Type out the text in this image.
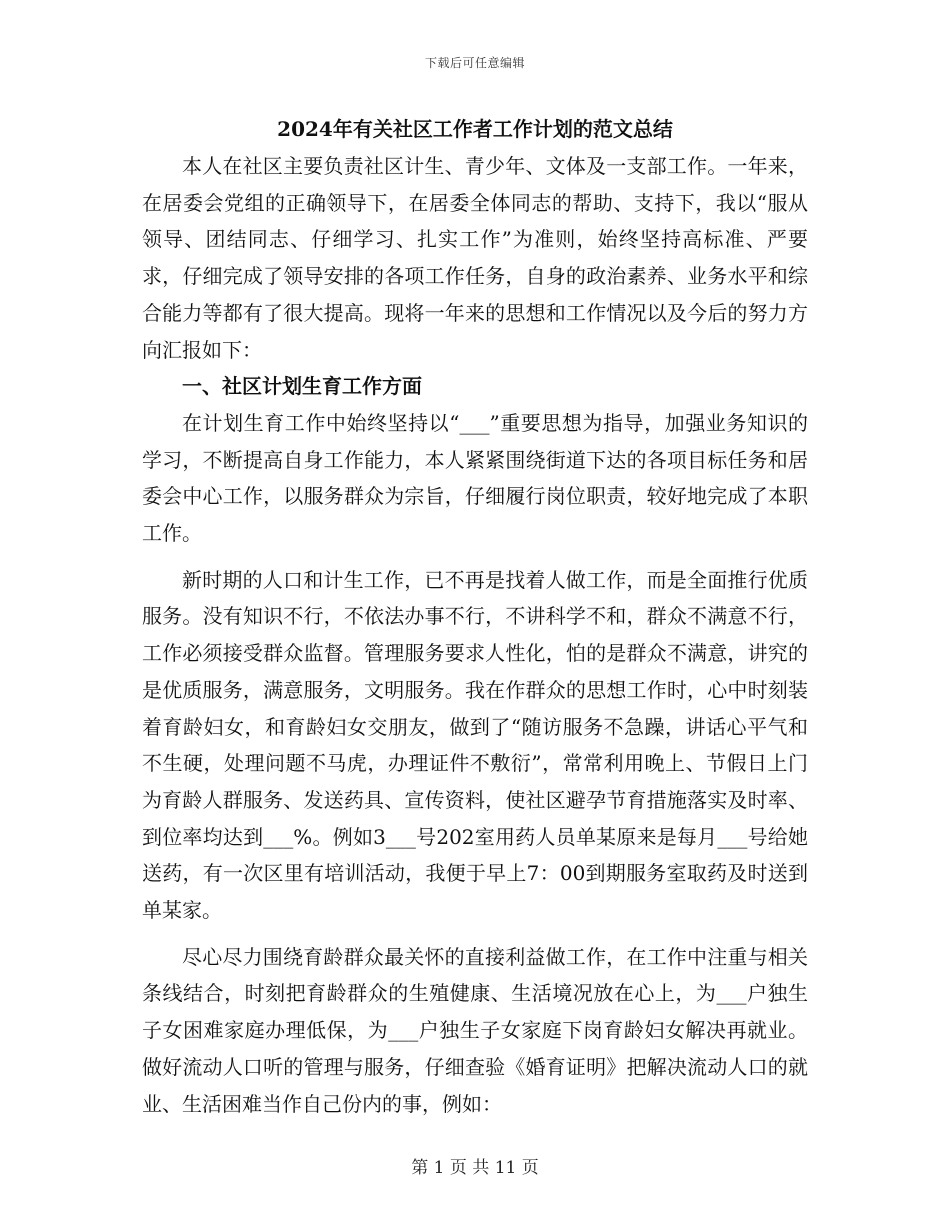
下载后可任意编辑
2024年有关社区工作者工作计划的范文总结

本人在社区主要负责社区计生、青少年、文体及一支部工作。一年来，在居委会党组的正确领导下，在居委全体同志的帮助、支持下，我以“服从领导、团结同志、仔细学习、扎实工作”为准则，始终坚持高标准、严要求，仔细完成了领导安排的各项工作任务，自身的政治素养、业务水平和综合能力等都有了很大提高。现将一年来的思想和工作情况以及今后的努力方向汇报如下：

一、社区计划生育工作方面

在计划生育工作中始终坚持以“___”重要思想为指导，加强业务知识的学习，不断提高自身工作能力，本人紧紧围绕街道下达的各项目标任务和居委会中心工作，以服务群众为宗旨，仔细履行岗位职责，较好地完成了本职工作。

新时期的人口和计生工作，已不再是找着人做工作，而是全面推行优质服务。没有知识不行，不依法办事不行，不讲科学不和，群众不满意不行，工作必须接受群众监督。管理服务要求人性化，怕的是群众不满意，讲究的是优质服务，满意服务，文明服务。我在作群众的思想工作时，心中时刻装着育龄妇女，和育龄妇女交朋友，做到了“随访服务不急躁，讲话心平气和不生硬，处理问题不马虎，办理证件不敷衍”，常常利用晚上、节假日上门为育龄人群服务、发送药具、宣传资料，使社区避孕节育措施落实及时率、到位率均达到___%。例如3___号202室用药人员单某原来是每月___号给她送药，有一次区里有培训活动，我便于早上7：00到期服务室取药及时送到单某家。

尽心尽力围绕育龄群众最关怀的直接利益做工作，在工作中注重与相关条线结合，时刻把育龄群众的生殖健康、生活境况放在心上，为___户独生子女困难家庭办理低保，为___户独生子女家庭下岗育龄妇女解决再就业。做好流动人口听的管理与服务，仔细查验《婚育证明》把解决流动人口的就业、生活困难当作自己份内的事，例如：

第 1 页 共 11 页
